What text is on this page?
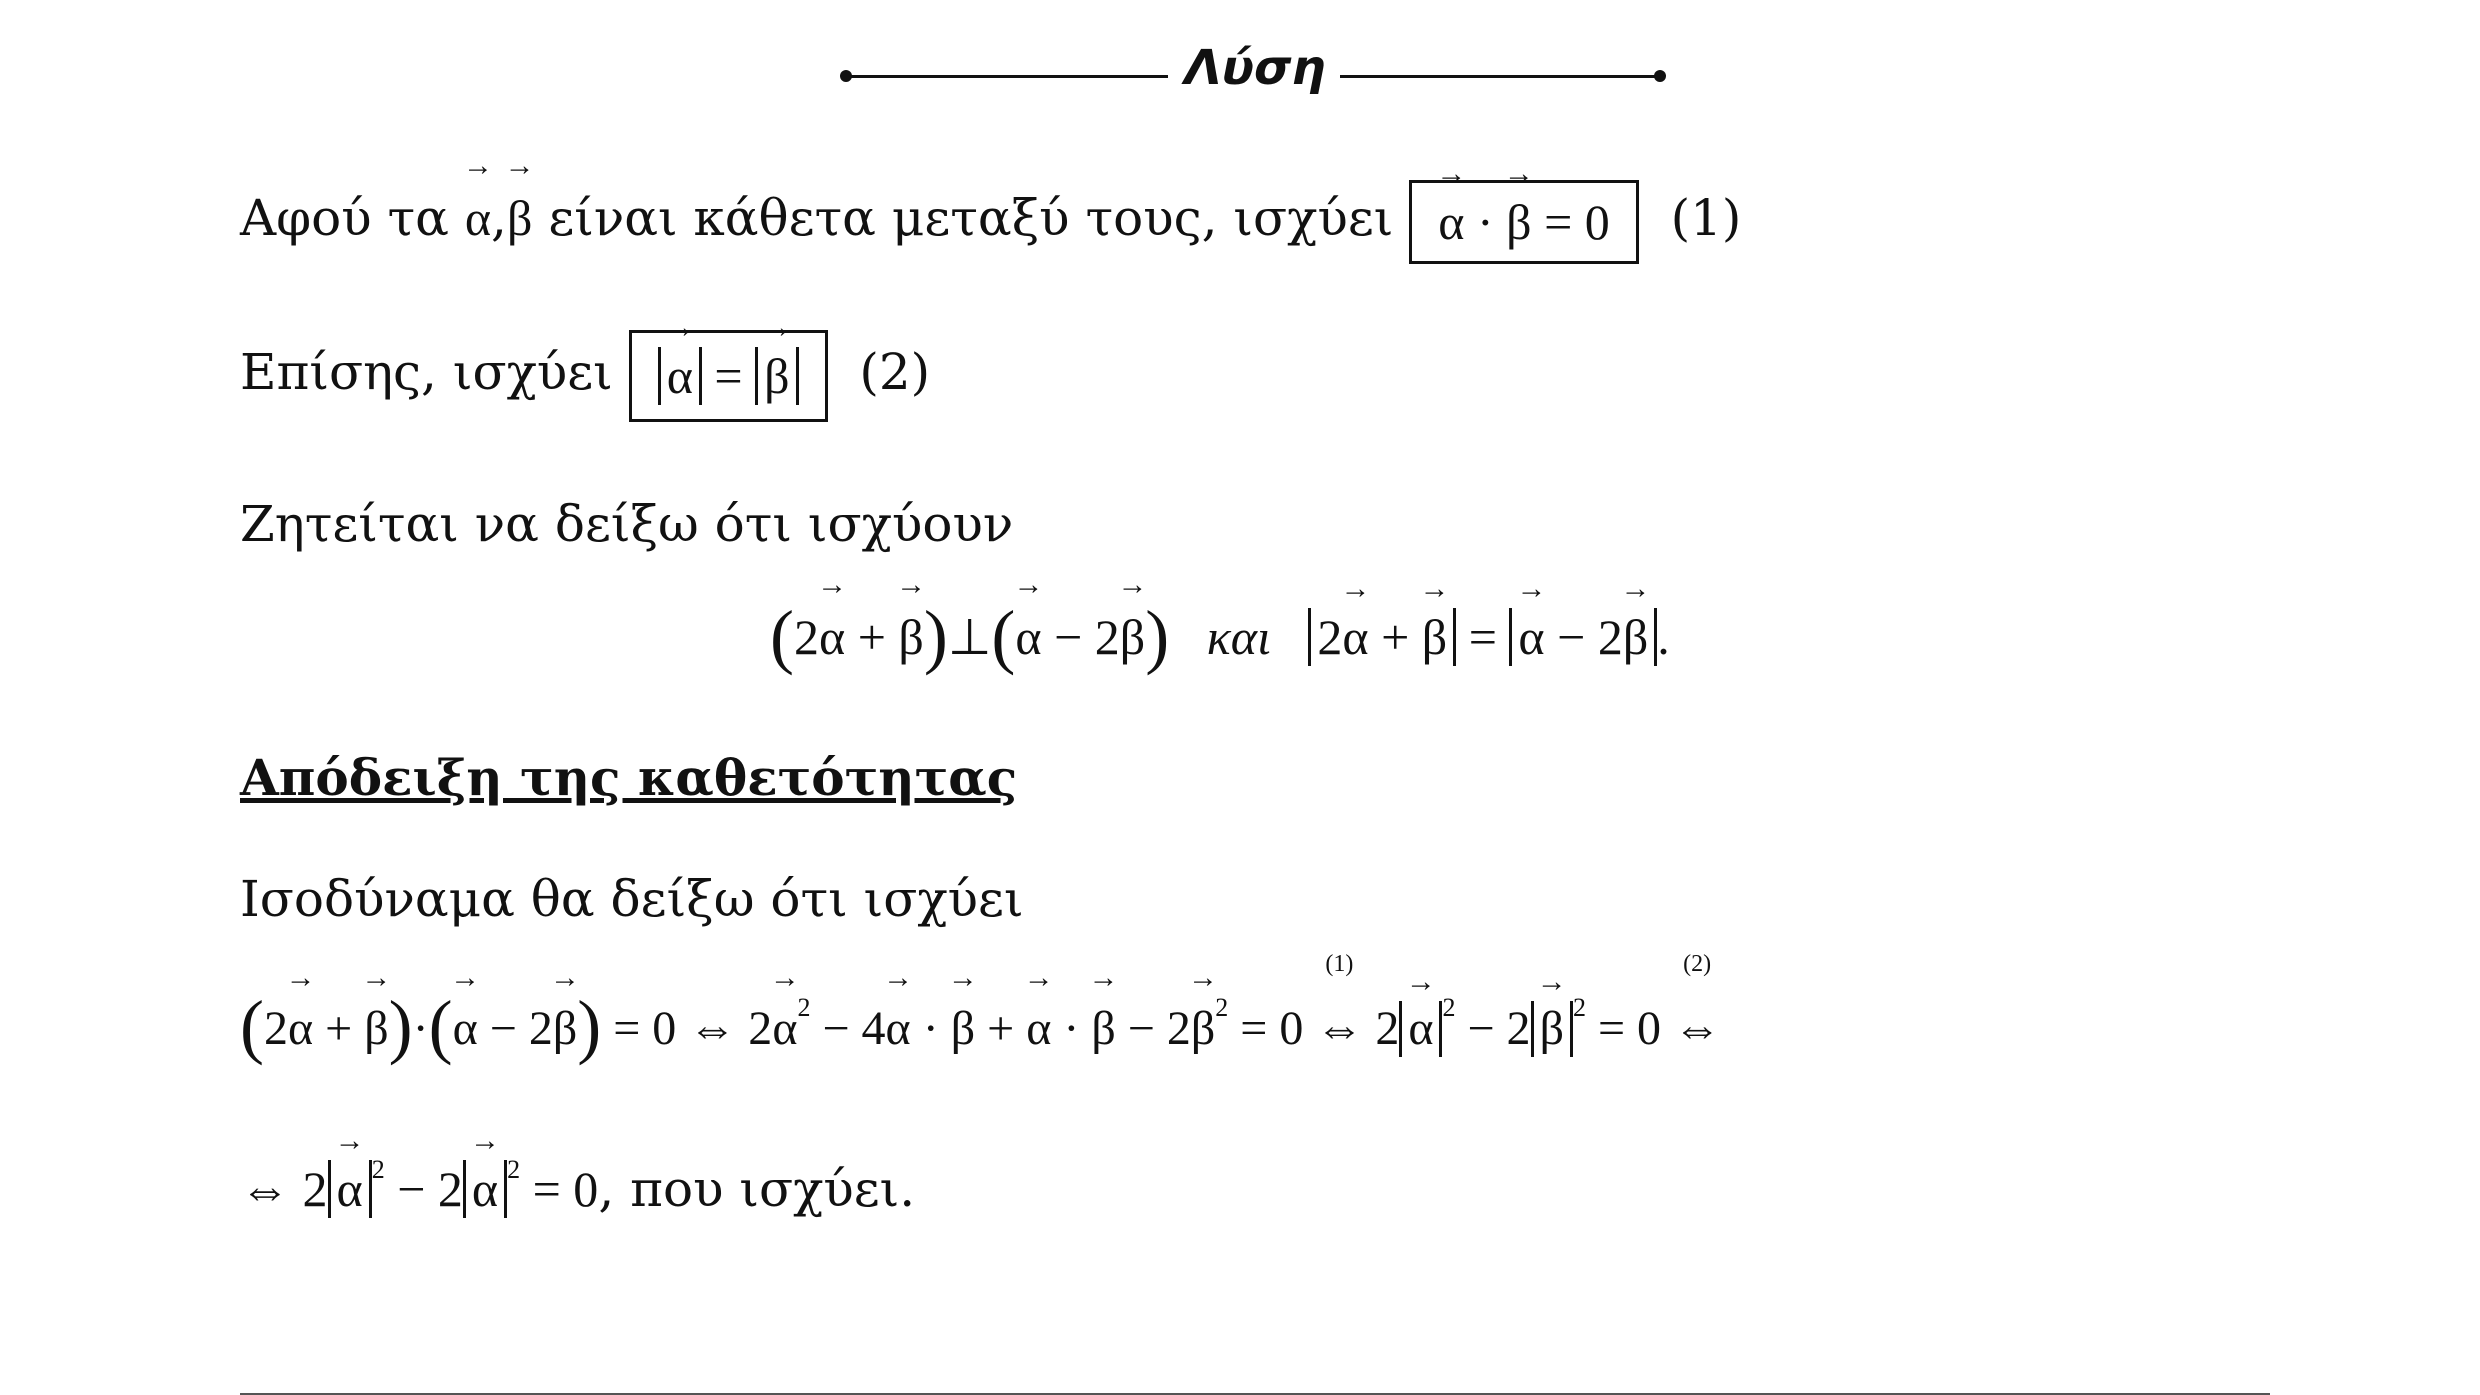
Λύση
Αφού τα → α,→ β είναι κάθετα μεταξύ τους, ισχύει → α · → β = 0 (1)
Επίσης, ισχύει → α = → β (2)
Ζητείται να δείξω ότι ισχύουν
(2→ α + → β)⊥(→ α − 2→ β) και 2→ α + → β = → α − 2→ β .
Απόδειξη της καθετότητας
Ισοδύναμα θα δείξω ότι ισχύει
(2→ α + → β)·(→ α − 2→ β) = 0 ⇔ $2\to \alpha^2 - 4\to \alpha$ · → β + → α · → $\beta - 2\to \beta^2 = 0$ ⇔
(1)
2 → α $^2$ − 2 → β $^2$ = 0 ⇔
(2)
⇔ 2 → α $^2$ − 2 → α $^2$ = 0, που ισχύει.
